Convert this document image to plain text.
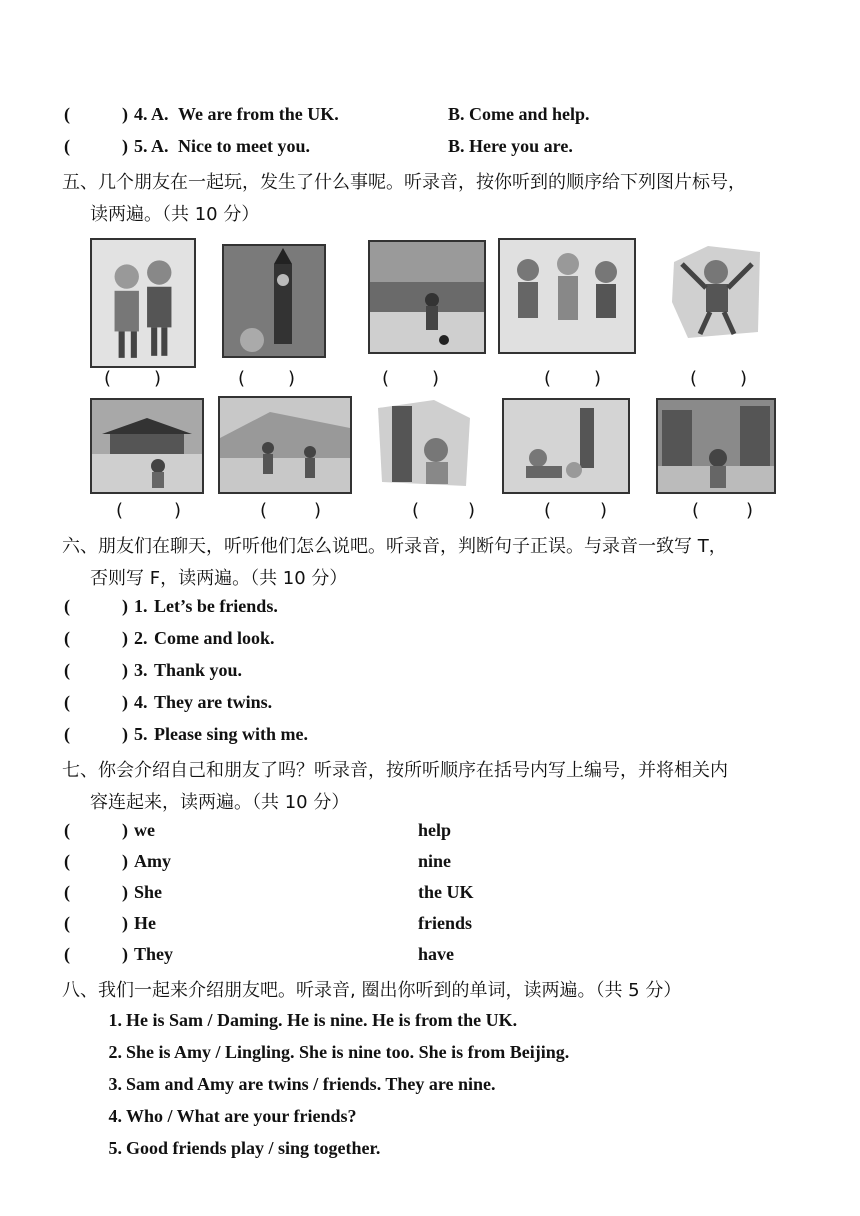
(	) 4. A. We are from the UK.	B. Come and help.
(	) 5. A. Nice to meet you.	B. Here you are.
五、几个朋友在一起玩，发生了什么事呢。听录音，按你听到的顺序给下列图片标号，
读两遍。（共 10 分）
( )	( )	( )	( )	( )
(	)	(	)	(	)	(	)	(	)
六、朋友们在聊天，听听他们怎么说吧。听录音，判断句子正误。与录音一致写 T，
否则写 F，读两遍。（共 10 分）
(	) 1. Let’s be friends.
(	) 2. Come and look.
(	) 3. Thank you.
(	) 4. They are twins.
(	) 5. Please sing with me.
七、你会介绍自己和朋友了吗？听录音，按所听顺序在括号内写上编号，并将相关内
容连起来，读两遍。（共 10 分）
(	) we	help
(	) Amy	nine
(	) She	the UK
(	) He	friends
(	) They	have
八、我们一起来介绍朋友吧。听录音, 圈出你听到的单词，读两遍。（共 5 分）
1. He is Sam / Daming. He is nine. He is from the UK.
2. She is Amy / Lingling. She is nine too. She is from Beijing.
3. Sam and Amy are twins / friends. They are nine.
4. Who / What are your friends?
5. Good friends play / sing together.
